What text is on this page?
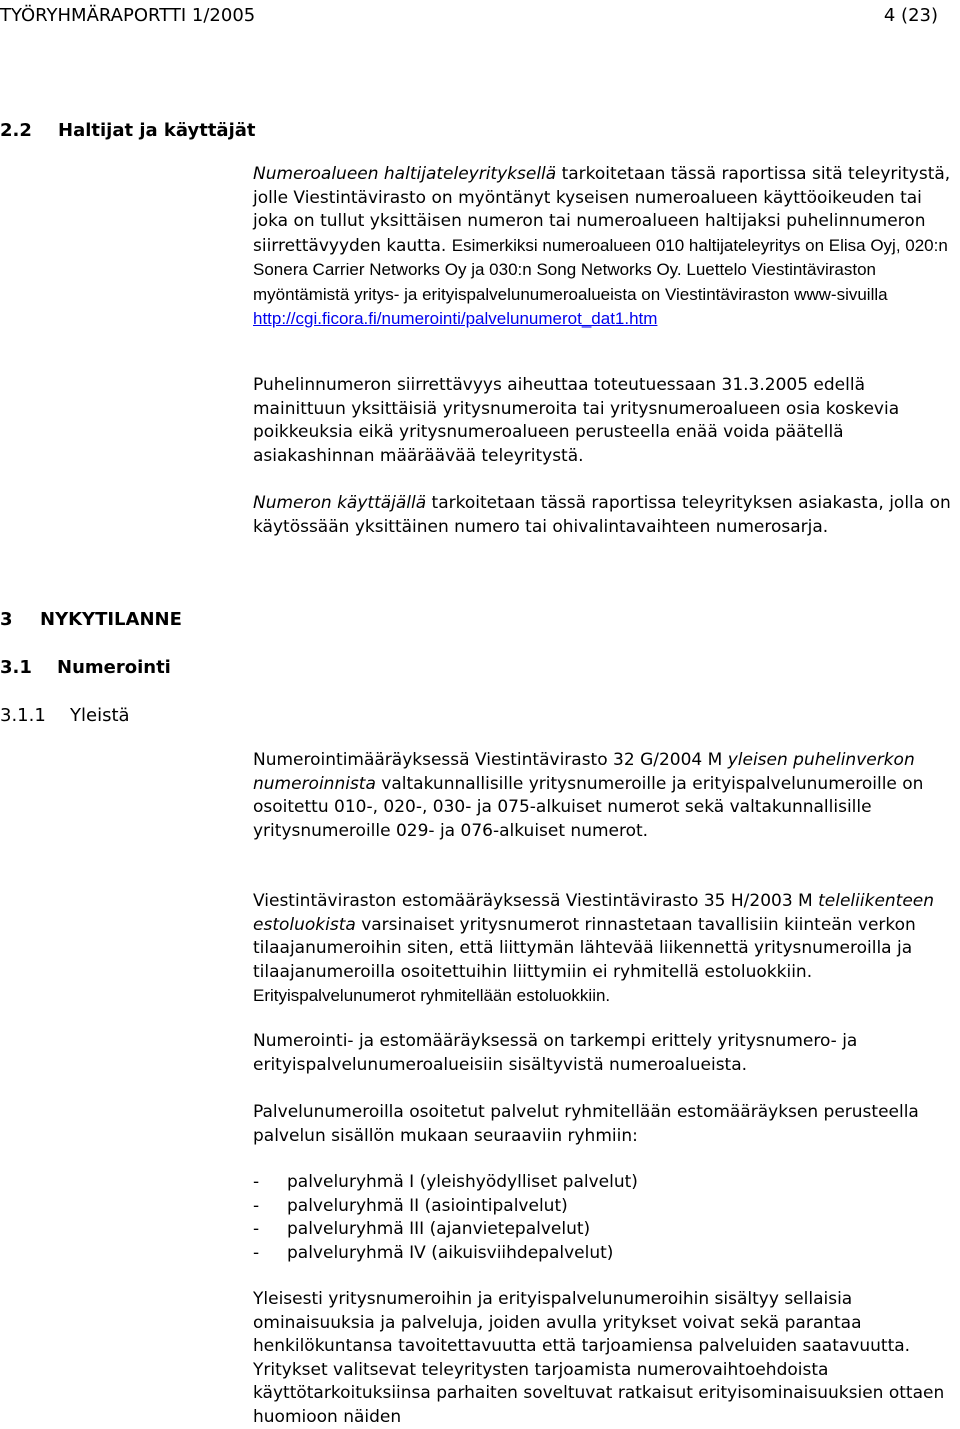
TYÖRYHMÄRAPORTTI 1/2005	4 (23)
2.2 Haltijat ja käyttäjät

Numeroalueen haltijateleyrityksellä tarkoitetaan tässä raportissa sitä teleyritystä, jolle Viestintävirasto on myöntänyt kyseisen numeroalueen käyttöoikeuden tai joka on tullut yksittäisen numeron tai numeroalueen haltijaksi puhelinnumeron siirrettävyyden kautta. Esimerkiksi numeroalueen 010 haltijateleyritys on Elisa Oyj, 020:n Sonera Carrier Networks Oy ja 030:n Song Networks Oy. Luettelo Viestintäviraston myöntämistä yritys- ja erityispalvelunumeroalueista on Viestintäviraston www-sivuilla http://cgi.ficora.fi/numerointi/palvelunumerot_dat1.htm

Puhelinnumeron siirrettävyys aiheuttaa toteutuessaan 31.3.2005 edellä mainittuun yksittäisiä yritysnumeroita tai yritysnumeroalueen osia koskevia poikkeuksia eikä yritysnumeroalueen perusteella enää voida päätellä asiakashinnan määräävää teleyritystä.

Numeron käyttäjällä tarkoitetaan tässä raportissa teleyrityksen asiakasta, jolla on käytössään yksittäinen numero tai ohivalintavaihteen numerosarja.

3 NYKYTILANNE
3.1 Numerointi
3.1.1 Yleistä

Numerointimääräyksessä Viestintävirasto 32 G/2004 M yleisen puhelinverkon numeroinnista valtakunnallisille yritysnumeroille ja erityispalvelunumeroille on osoitettu 010-, 020-, 030- ja 075-alkuiset numerot sekä valtakunnallisille yritysnumeroille 029- ja 076-alkuiset numerot.

Viestintäviraston estomääräyksessä Viestintävirasto 35 H/2003 M teleliikenteen estoluokista varsinaiset yritysnumerot rinnastetaan tavallisiin kiinteän verkon tilaajanumeroihin siten, että liittymän lähtevää liikennettä yritysnumeroilla ja tilaajanumeroilla osoitettuihin liittymiin ei ryhmitellä estoluokkiin. Erityispalvelunumerot ryhmitellään estoluokkiin.

Numerointi- ja estomääräyksessä on tarkempi erittely yritysnumero- ja erityispalvelunumeroalueisiin sisältyvistä numeroalueista.

Palvelunumeroilla osoitetut palvelut ryhmitellään estomääräyksen perusteella palvelun sisällön mukaan seuraaviin ryhmiin:

- palveluryhmä I (yleishyödylliset palvelut)
- palveluryhmä II (asiointipalvelut)
- palveluryhmä III (ajanvietepalvelut)
- palveluryhmä IV (aikuisviihdepalvelut)

Yleisesti yritysnumeroihin ja erityispalvelunumeroihin sisältyy sellaisia ominaisuuksia ja palveluja, joiden avulla yritykset voivat sekä parantaa henkilökuntansa tavoitettavuutta että tarjoamiensa palveluiden saatavuutta. Yritykset valitsevat teleyritysten tarjoamista numerovaihtoehdoista käyttötarkoituksiinsa parhaiten soveltuvat ratkaisut erityisominaisuuksien ottaen huomioon näiden
